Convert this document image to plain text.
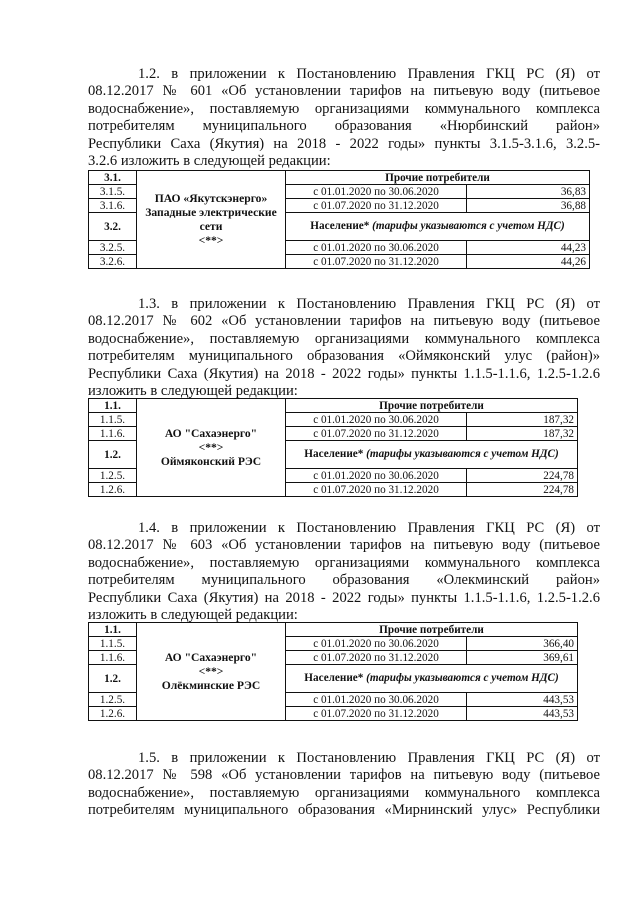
1.2. в приложении к Постановлению Правления ГКЦ РС (Я) от
08.12.2017 № 601 «Об установлении тарифов на питьевую воду (питьевое
водоснабжение», поставляемую организациями коммунального комплекса
потребителям муниципального образования «Нюрбинский район»
Республики Саха (Якутия) на 2018 - 2022 годы» пункты 3.1.5-3.1.6, 3.2.5-
3.2.6 изложить в следующей редакции:
3.1.	ПАО «Якутскэнерго»
Западные электрические
сети
<**>	Прочие потребители	
3.1.5.		с 01.01.2020 по 30.06.2020	36,83
3.1.6.		с 01.07.2020 по 31.12.2020	36,88
3.2.		Население* (тарифы указываются с учетом НДС)	
3.2.5.		с 01.01.2020 по 30.06.2020	44,23
3.2.6.		с 01.07.2020 по 31.12.2020	44,26
1.3. в приложении к Постановлению Правления ГКЦ РС (Я) от
08.12.2017 № 602 «Об установлении тарифов на питьевую воду (питьевое
водоснабжение», поставляемую организациями коммунального комплекса
потребителям муниципального образования «Оймяконский улус (район)»
Республики Саха (Якутия) на 2018 - 2022 годы» пункты 1.1.5-1.1.6, 1.2.5-1.2.6
изложить в следующей редакции:
1.1.	АО "Сахаэнерго"
<**>
Оймяконский РЭС	Прочие потребители	
1.1.5.		с 01.01.2020 по 30.06.2020	187,32
1.1.6.		с 01.07.2020 по 31.12.2020	187,32
1.2.		Население* (тарифы указываются с учетом НДС)	
1.2.5.		с 01.01.2020 по 30.06.2020	224,78
1.2.6.		с 01.07.2020 по 31.12.2020	224,78
1.4. в приложении к Постановлению Правления ГКЦ РС (Я) от
08.12.2017 № 603 «Об установлении тарифов на питьевую воду (питьевое
водоснабжение», поставляемую организациями коммунального комплекса
потребителям муниципального образования «Олекминский район»
Республики Саха (Якутия) на 2018 - 2022 годы» пункты 1.1.5-1.1.6, 1.2.5-1.2.6
изложить в следующей редакции:
1.1.	АО "Сахаэнерго"
<**>
Олёкминские РЭС	Прочие потребители	
1.1.5.		с 01.01.2020 по 30.06.2020	366,40
1.1.6.		с 01.07.2020 по 31.12.2020	369,61
1.2.		Население* (тарифы указываются с учетом НДС)	
1.2.5.		с 01.01.2020 по 30.06.2020	443,53
1.2.6.		с 01.07.2020 по 31.12.2020	443,53
1.5. в приложении к Постановлению Правления ГКЦ РС (Я) от
08.12.2017 № 598 «Об установлении тарифов на питьевую воду (питьевое
водоснабжение», поставляемую организациями коммунального комплекса
потребителям муниципального образования «Мирнинский улус» Республики
